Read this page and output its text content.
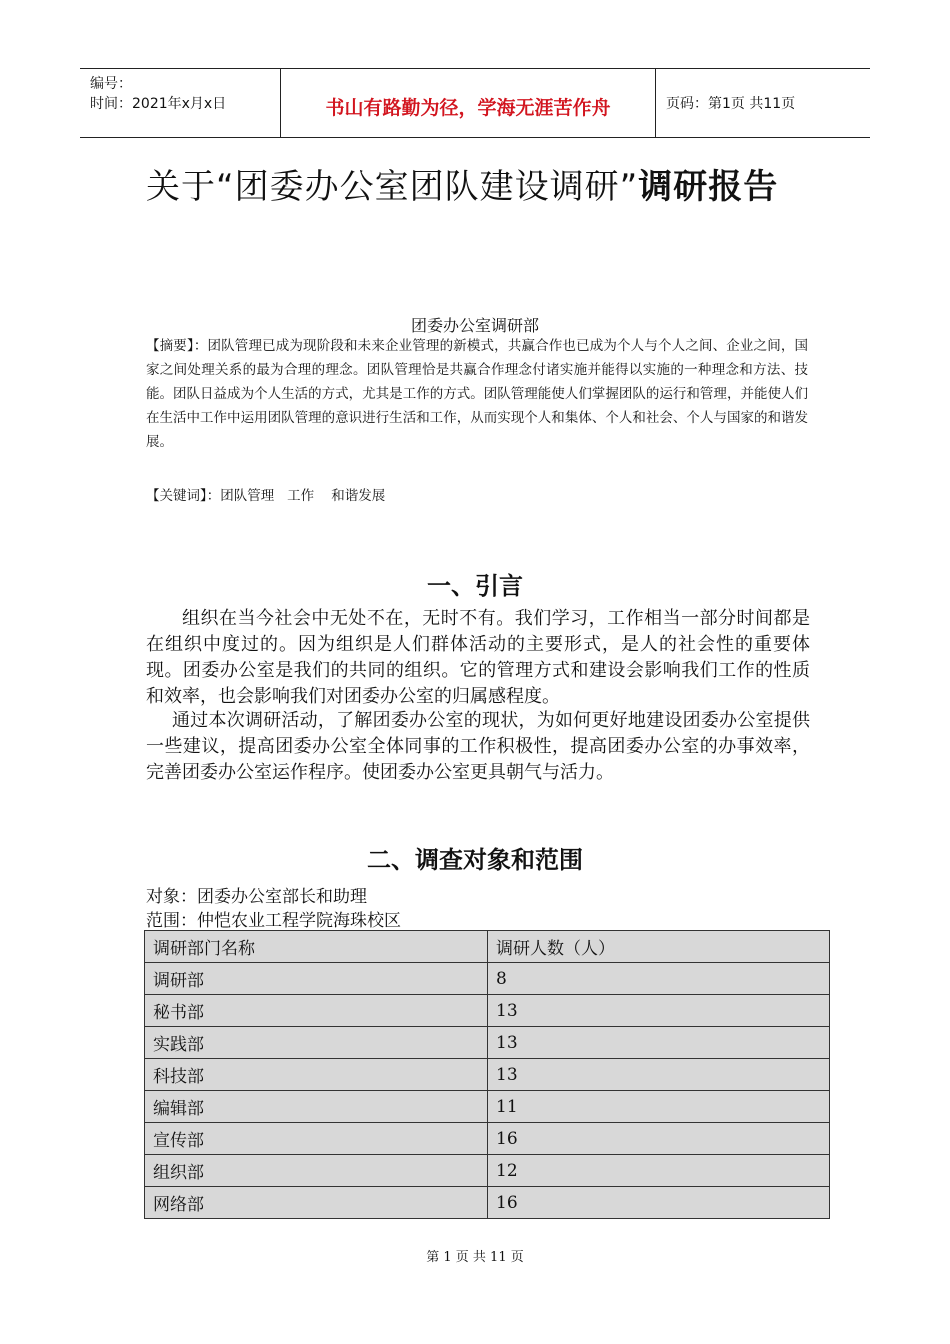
编号：
时间：2021年x月x日	书山有路勤为径，学海无涯苦作舟	页码：第1页 共11页
关于“团委办公室团队建设调研”调研报告
团委办公室调研部
【摘要】：团队管理已成为现阶段和未来企业管理的新模式，共赢合作也已成为个人与个人之间、企业之间，国家之间处理关系的最为合理的理念。团队管理恰是共赢合作理念付诸实施并能得以实施的一种理念和方法、技能。团队日益成为个人生活的方式，尤其是工作的方式。团队管理能使人们掌握团队的运行和管理，并能使人们在生活中工作中运用团队管理的意识进行生活和工作，从而实现个人和集体、个人和社会、个人与国家的和谐发展。
【关键词】：团队管理   工作    和谐发展
一、引言
组织在当今社会中无处不在，无时不有。我们学习，工作相当一部分时间都是在组织中度过的。因为组织是人们群体活动的主要形式，是人的社会性的重要体现。团委办公室是我们的共同的组织。它的管理方式和建设会影响我们工作的性质和效率，也会影响我们对团委办公室的归属感程度。
通过本次调研活动，了解团委办公室的现状，为如何更好地建设团委办公室提供一些建议，提高团委办公室全体同事的工作积极性，提高团委办公室的办事效率，完善团委办公室运作程序。使团委办公室更具朝气与活力。
二、调查对象和范围
对象：团委办公室部长和助理
范围：仲恺农业工程学院海珠校区
调研部门名称	调研人数（人）
调研部	8
秘书部	13
实践部	13
科技部	13
编辑部	11
宣传部	16
组织部	12
网络部	16
第 1 页 共 11 页
